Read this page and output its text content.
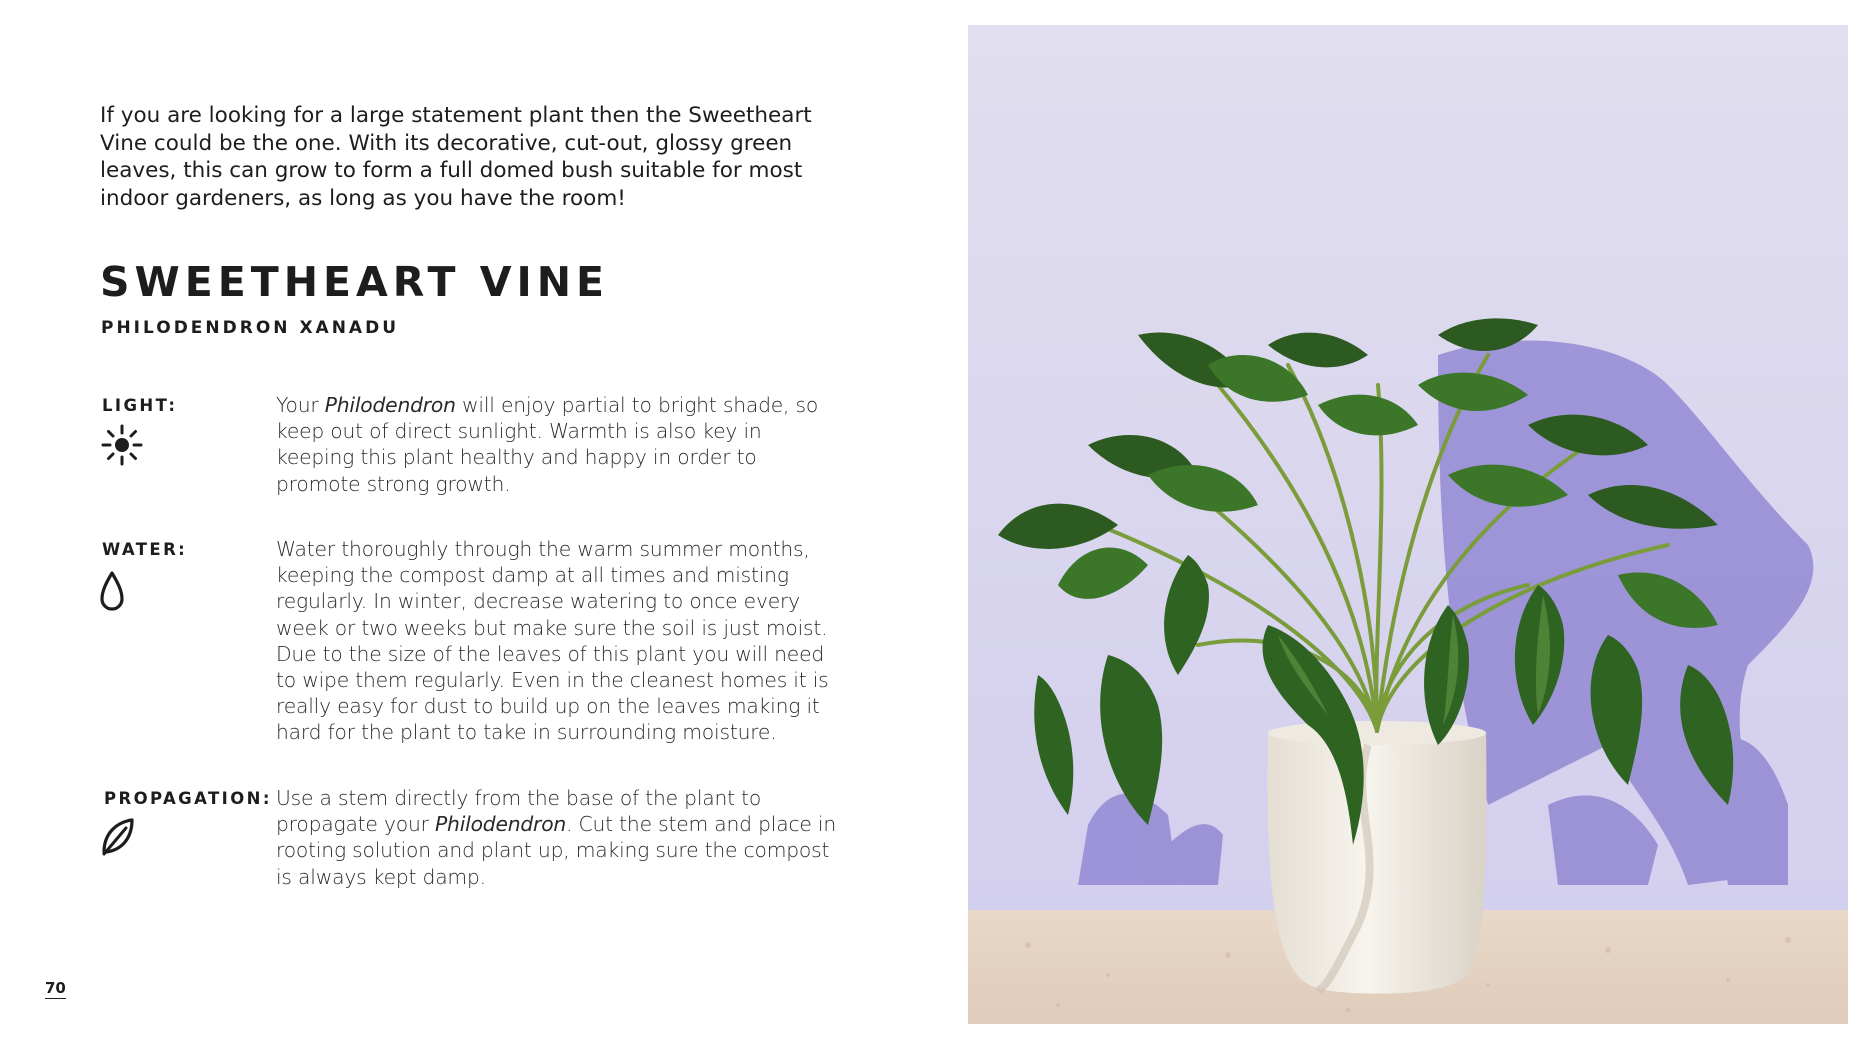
If you are looking for a large statement plant then the Sweetheart Vine could be the one. With its decorative, cut-out, glossy green leaves, this can grow to form a full domed bush suitable for most indoor gardeners, as long as you have the room!
SWEETHEART VINE
PHILODENDRON XANADU
LIGHT:	Your Philodendron will enjoy partial to bright shade, so keep out of direct sunlight. Warmth is also key in keeping this plant healthy and happy in order to promote strong growth.
WATER:	Water thoroughly through the warm summer months, keeping the compost damp at all times and misting regularly. In winter, decrease watering to once every week or two weeks but make sure the soil is just moist. Due to the size of the leaves of this plant you will need to wipe them regularly. Even in the cleanest homes it is really easy for dust to build up on the leaves making it hard for the plant to take in surrounding moisture.
PROPAGATION: Use a stem directly from the base of the plant to propagate your Philodendron. Cut the stem and place in rooting solution and plant up, making sure the compost is always kept damp.
70
